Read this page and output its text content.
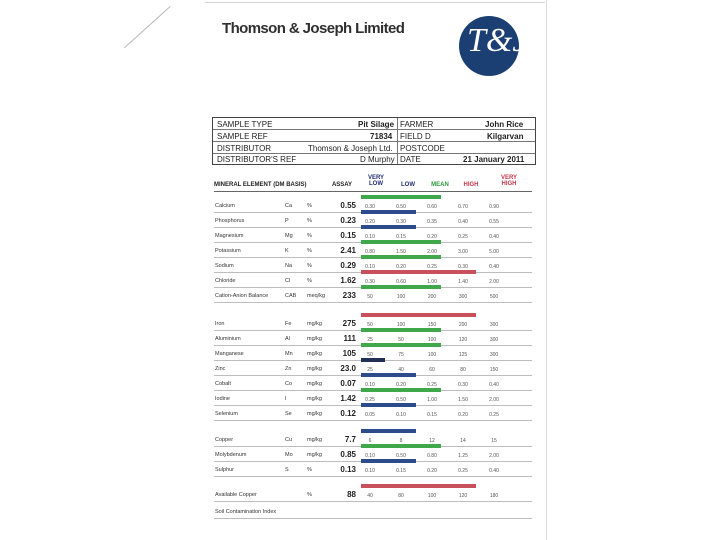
Thomson & Joseph Limited T&J
SAMPLE TYPE	Pit Silage FARMER	John Rice
SAMPLE REF	71834 FIELD D	Kilgarvan
DISTRIBUTOR	Thomson & Joseph Ltd. POSTCODE
DISTRIBUTOR'S REF	D Murphy DATE	21 January 2011
MINERAL ELEMENT (DM BASIS)	ASSAY
VERY LOW	LOW	MEAN	HIGH
VERY HIGH
Calcium	Ca	%	0.55	0.30	0.50	0.60	0.70	0.90
Phosphorus	P	%	0.23	0.20	0.30	0.35	0.40	0.55
Magnesium	Mg	%	0.15	0.10	0.15	0.20	0.25	0.40
Potassium	K	%	2.41	0.80	1.50	2.00	3.00	5.00
Sodium	Na	%	0.29	0.10	0.20	0.25	0.30	0.40
Chloride	Cl	%	1.62	0.30	0.60	1.00	1.40	2.00
Cation-Anion Balance	CAB meq/kg	233	50	100	200	300	500
Iron	Fe	mg/kg	275	50	100	150	200	300
Aluminium	Al	mg/kg	111	25	50	100	120	300
Manganese	Mn	mg/kg	105	50	75	100	125	300
Zinc	Zn	mg/kg	23.0	25	40	60	80	150
Cobalt	Co	mg/kg	0.07	0.10	0.20	0.25	0.30	0.40
Iodine	I	mg/kg	1.42	0.25	0.50	1.00	1.50	2.00
Selenium	Se	mg/kg	0.12	0.05	0.10	0.15	0.20	0.25
Copper	Cu	mg/kg	7.7	6	8	12	14	15
Molybdenum	Mo	mg/kg	0.85	0.10	0.50	0.80	1.25	2.00
Sulphur	S	%	0.13	0.10	0.15	0.20	0.25	0.40
Available Copper	%	88	40	80	100	120	180
Soil Contamination Index
